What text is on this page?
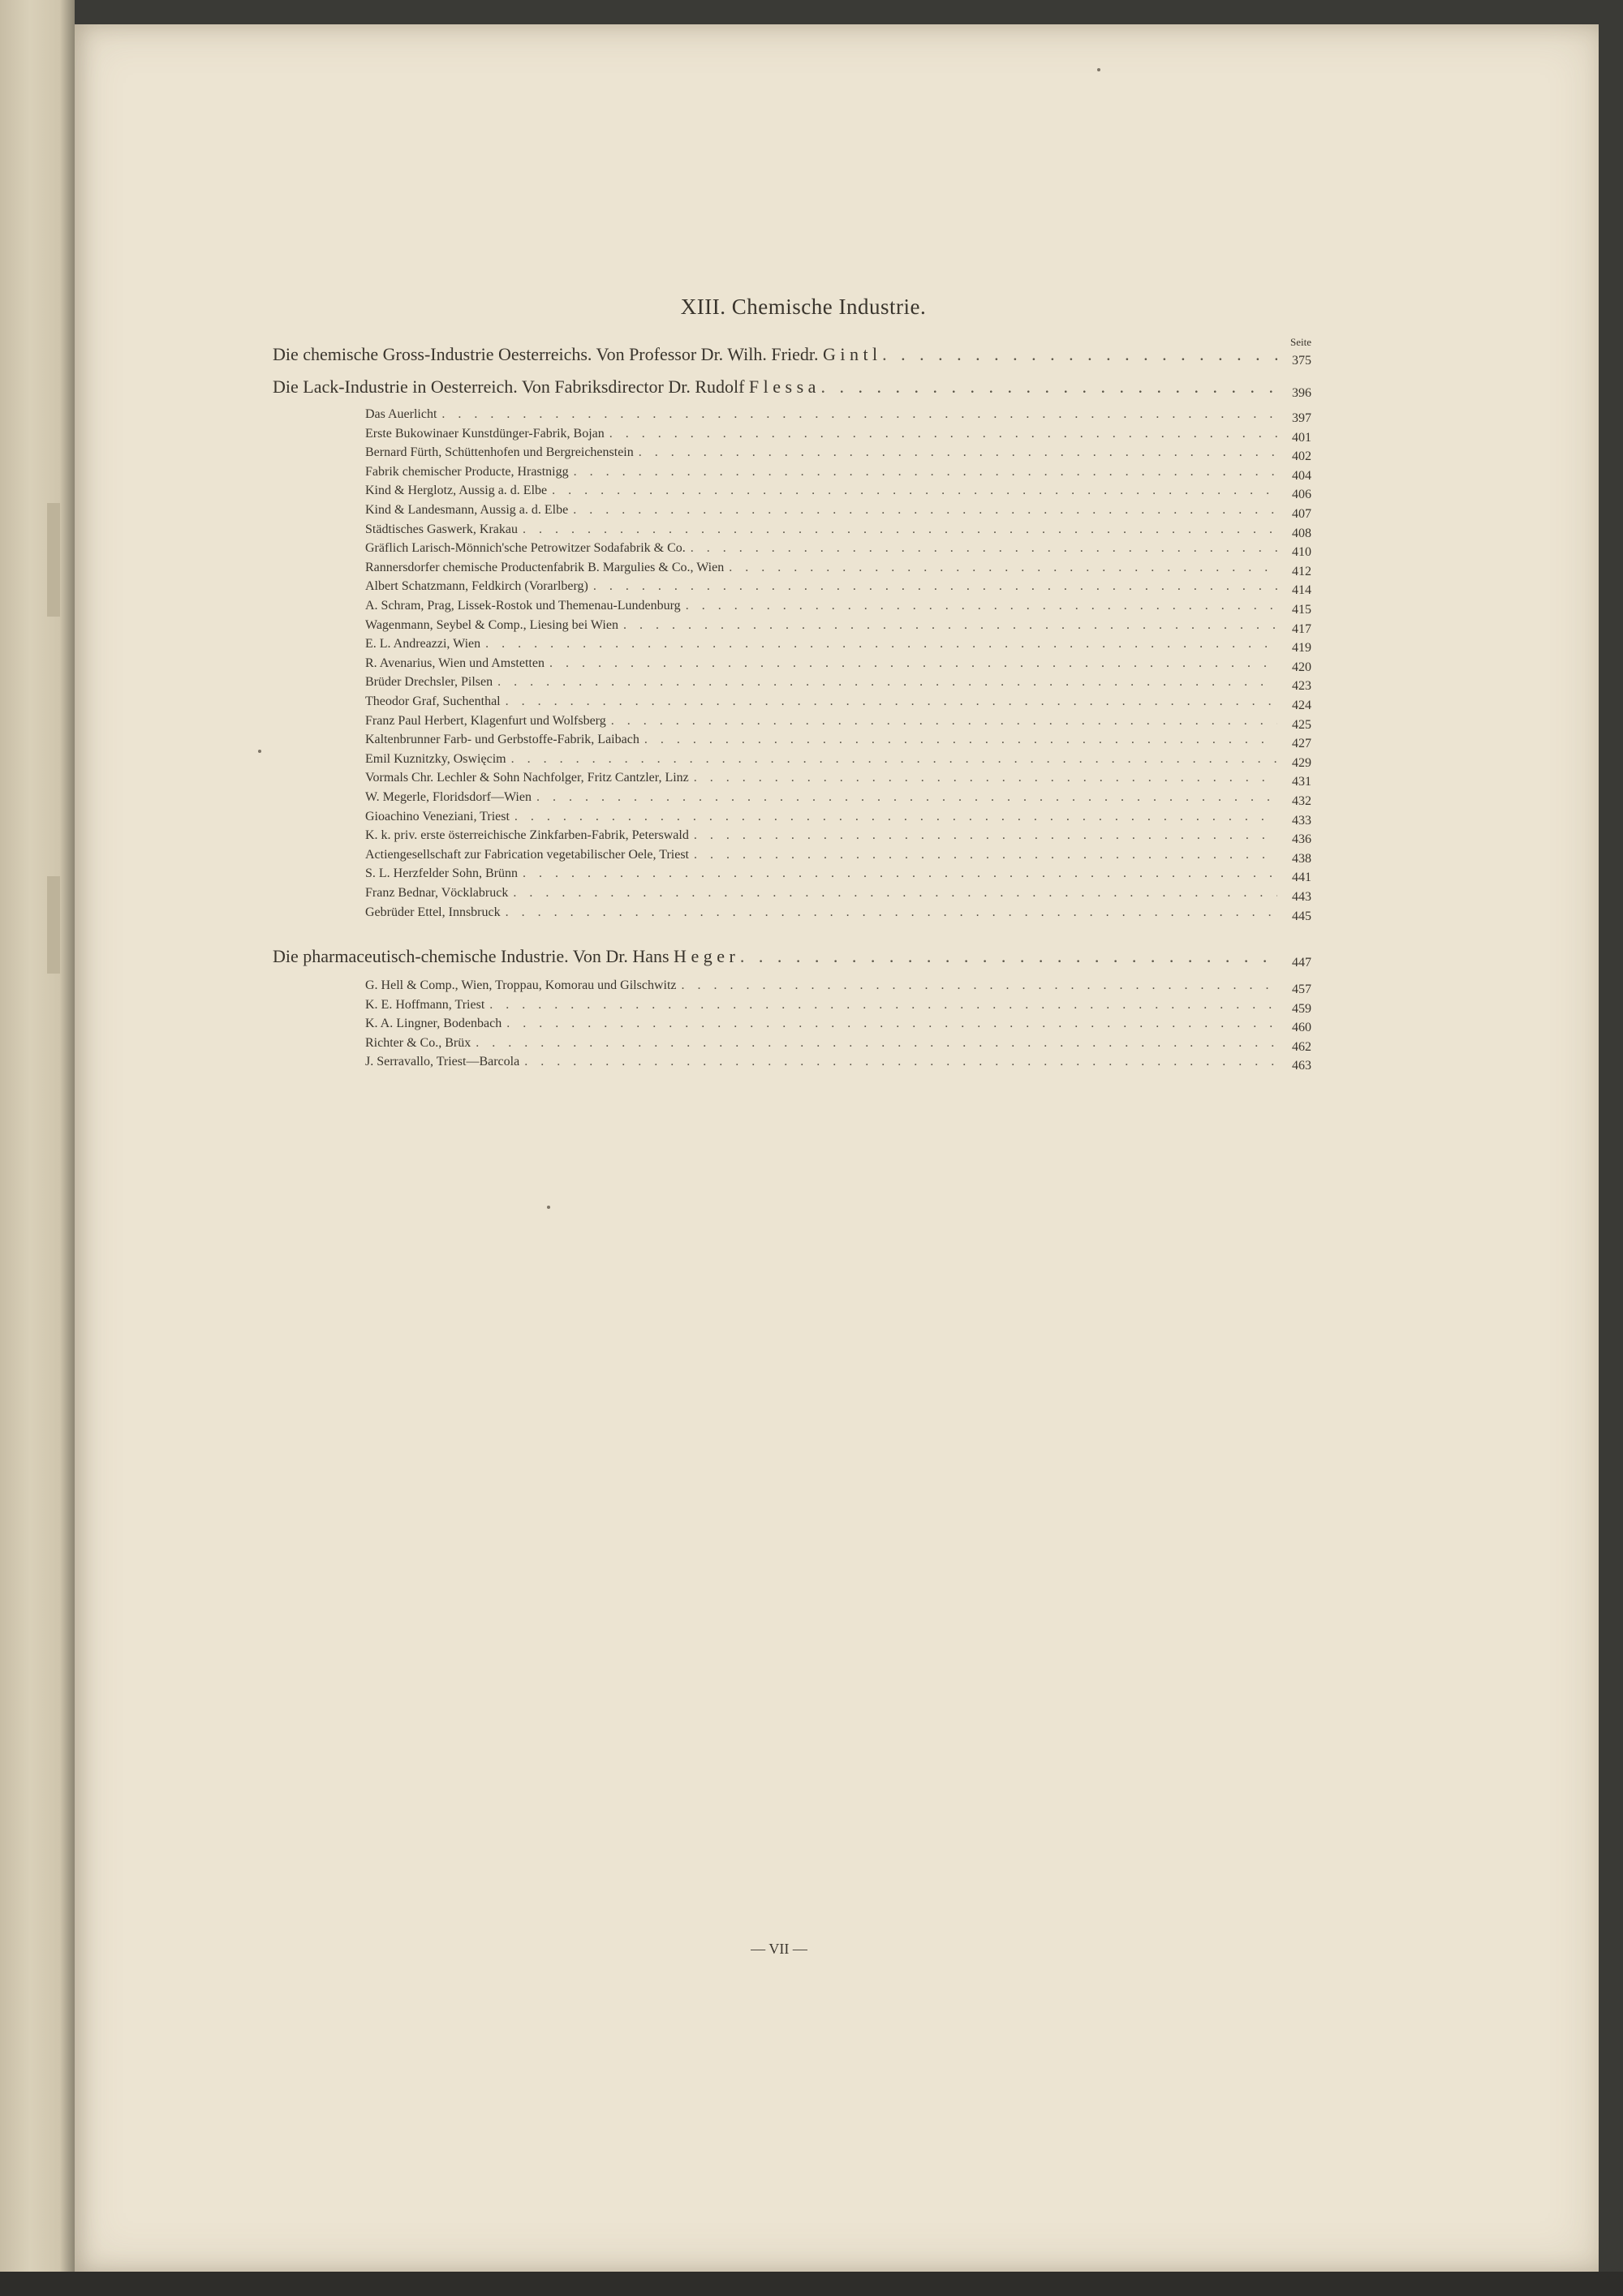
XIII. Chemische Industrie.
Seite
Die chemische Gross-Industrie Oesterreichs. Von Professor Dr. Wilh. Friedr. G i n t l . . .	375
Die Lack-Industrie in Oesterreich. Von Fabriksdirector Dr. Rudolf F l e s s a . . .	396
Das Auerlicht . . .	397
Erste Bukowinaer Kunstdünger-Fabrik, Bojan . . .	401
Bernard Fürth, Schüttenhofen und Bergreichenstein . . .	402
Fabrik chemischer Producte, Hrastnigg . . .	404
Kind & Herglotz, Aussig a. d. Elbe . . .	406
Kind & Landesmann, Aussig a. d. Elbe . . .	407
Städtisches Gaswerk, Krakau . . .	408
Gräflich Larisch-Mönnich'sche Petrowitzer Sodafabrik & Co. . . .	410
Rannersdorfer chemische Productenfabrik B. Margulies & Co., Wien . . .	412
Albert Schatzmann, Feldkirch (Vorarlberg) . . .	414
A. Schram, Prag, Lissek-Rostok und Themenau-Lundenburg . . .	415
Wagenmann, Seybel & Comp., Liesing bei Wien . . .	417
E. L. Andreazzi, Wien . . .	419
R. Avenarius, Wien und Amstetten . . .	420
Brüder Drechsler, Pilsen . . .	423
Theodor Graf, Suchenthal . . .	424
Franz Paul Herbert, Klagenfurt und Wolfsberg . . .	425
Kaltenbrunner Farb- und Gerbstoffe-Fabrik, Laibach . . .	427
Emil Kuznitzky, Oswięcim . . .	429
Vormals Chr. Lechler & Sohn Nachfolger, Fritz Cantzler, Linz . . .	431
W. Megerle, Floridsdorf—Wien . . .	432
Gioachino Veneziani, Triest . . .	433
K. k. priv. erste österreichische Zinkfarben-Fabrik, Peterswald . . .	436
Actiengesellschaft zur Fabrication vegetabilischer Oele, Triest . . .	438
S. L. Herzfelder Sohn, Brünn . . .	441
Franz Bednar, Vöcklabruck . . .	443
Gebrüder Ettel, Innsbruck . . .	445
Die pharmaceutisch-chemische Industrie. Von Dr. Hans H e g e r . . .	447
G. Hell & Comp., Wien, Troppau, Komorau und Gilschwitz . . .	457
K. E. Hoffmann, Triest . . .	459
K. A. Lingner, Bodenbach . . .	460
Richter & Co., Brüx . . .	462
J. Serravallo, Triest—Barcola . . .	463
— VII —
